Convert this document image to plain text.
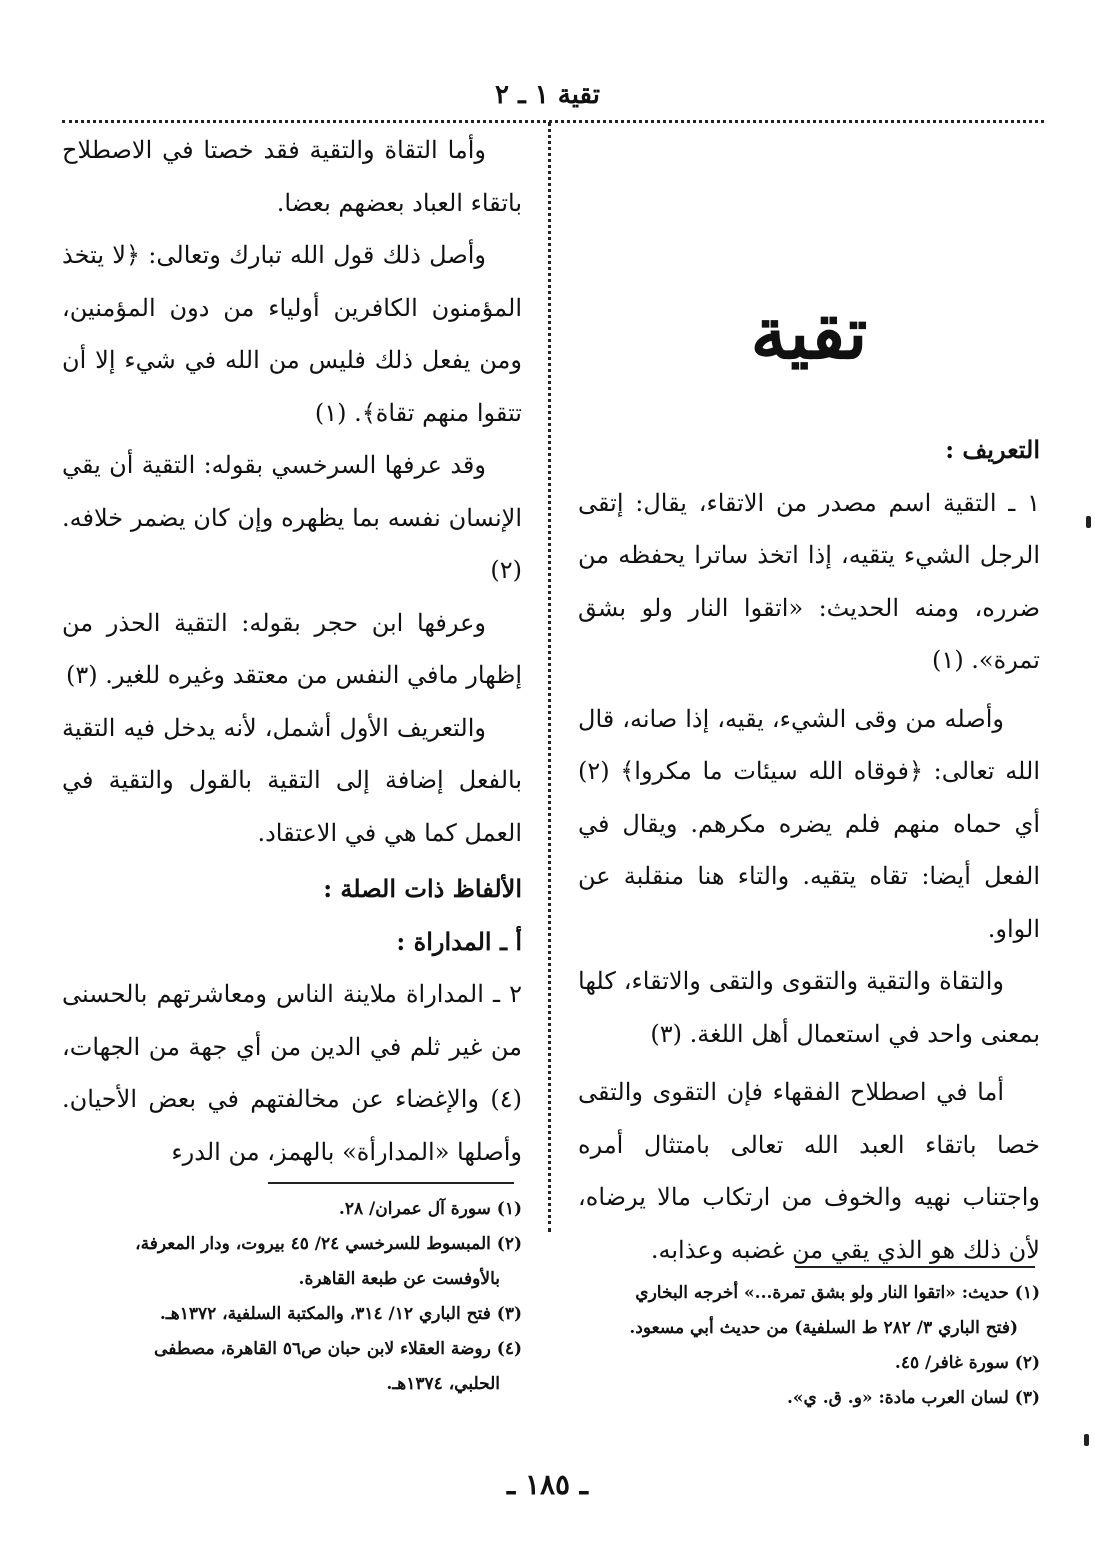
تقية ١ ـ ٢
تقية

التعريف :

١ ـ التقية اسم مصدر من الاتقاء، يقال: إتقى الرجل الشيء يتقيه، إذا اتخذ ساترا يحفظه من ضرره، ومنه الحديث: «اتقوا النار ولو بشق تمرة». (١)

وأصله من وقى الشيء، يقيه، إذا صانه، قال الله تعالى: ﴿فوقاه الله سيئات ما مكروا﴾ (٢) أي حماه منهم فلم يضره مكرهم. ويقال في الفعل أيضا: تقاه يتقيه. والتاء هنا منقلبة عن الواو.

والتقاة والتقية والتقوى والتقى والاتقاء، كلها بمعنى واحد في استعمال أهل اللغة. (٣)

أما في اصطلاح الفقهاء فإن التقوى والتقى خصا باتقاء العبد الله تعالى بامتثال أمره واجتناب نهيه والخوف من ارتكاب مالا يرضاه، لأن ذلك هو الذي يقي من غضبه وعذابه.

(١) حديث: «اتقوا النار ولو بشق تمرة...» أخرجه البخاري

(فتح الباري ٣/ ٢٨٢ ط السلفية) من حديث أبي مسعود.

(٢) سورة غافر/ ٤٥.

(٣) لسان العرب مادة: «و. ق. ي».

وأما التقاة والتقية فقد خصتا في الاصطلاح باتقاء العباد بعضهم بعضا.

وأصل ذلك قول الله تبارك وتعالى: ﴿لا يتخذ المؤمنون الكافرين أولياء من دون المؤمنين، ومن يفعل ذلك فليس من الله في شيء إلا أن تتقوا منهم تقاة﴾. (١)

وقد عرفها السرخسي بقوله: التقية أن يقي الإنسان نفسه بما يظهره وإن كان يضمر خلافه. (٢)

وعرفها ابن حجر بقوله: التقية الحذر من إظهار مافي النفس من معتقد وغيره للغير. (٣)

والتعريف الأول أشمل، لأنه يدخل فيه التقية بالفعل إضافة إلى التقية بالقول والتقية في العمل كما هي في الاعتقاد.

الألفاظ ذات الصلة :

أ ـ المداراة :

٢ ـ المداراة ملاينة الناس ومعاشرتهم بالحسنى من غير ثلم في الدين من أي جهة من الجهات، (٤) والإغضاء عن مخالفتهم في بعض الأحيان. وأصلها «المدارأة» بالهمز، من الدرء

(١) سورة آل عمران/ ٢٨.

(٢) المبسوط للسرخسي ٢٤/ ٤٥ بيروت، ودار المعرفة،

بالأوفست عن طبعة القاهرة.

(٣) فتح الباري ١٢/ ٣١٤، والمكتبة السلفية، ١٣٧٢هـ.

(٤) روضة العقلاء لابن حبان ص٥٦ القاهرة، مصطفى

الحلبي، ١٣٧٤هـ.

ـ ١٨٥ ـ
